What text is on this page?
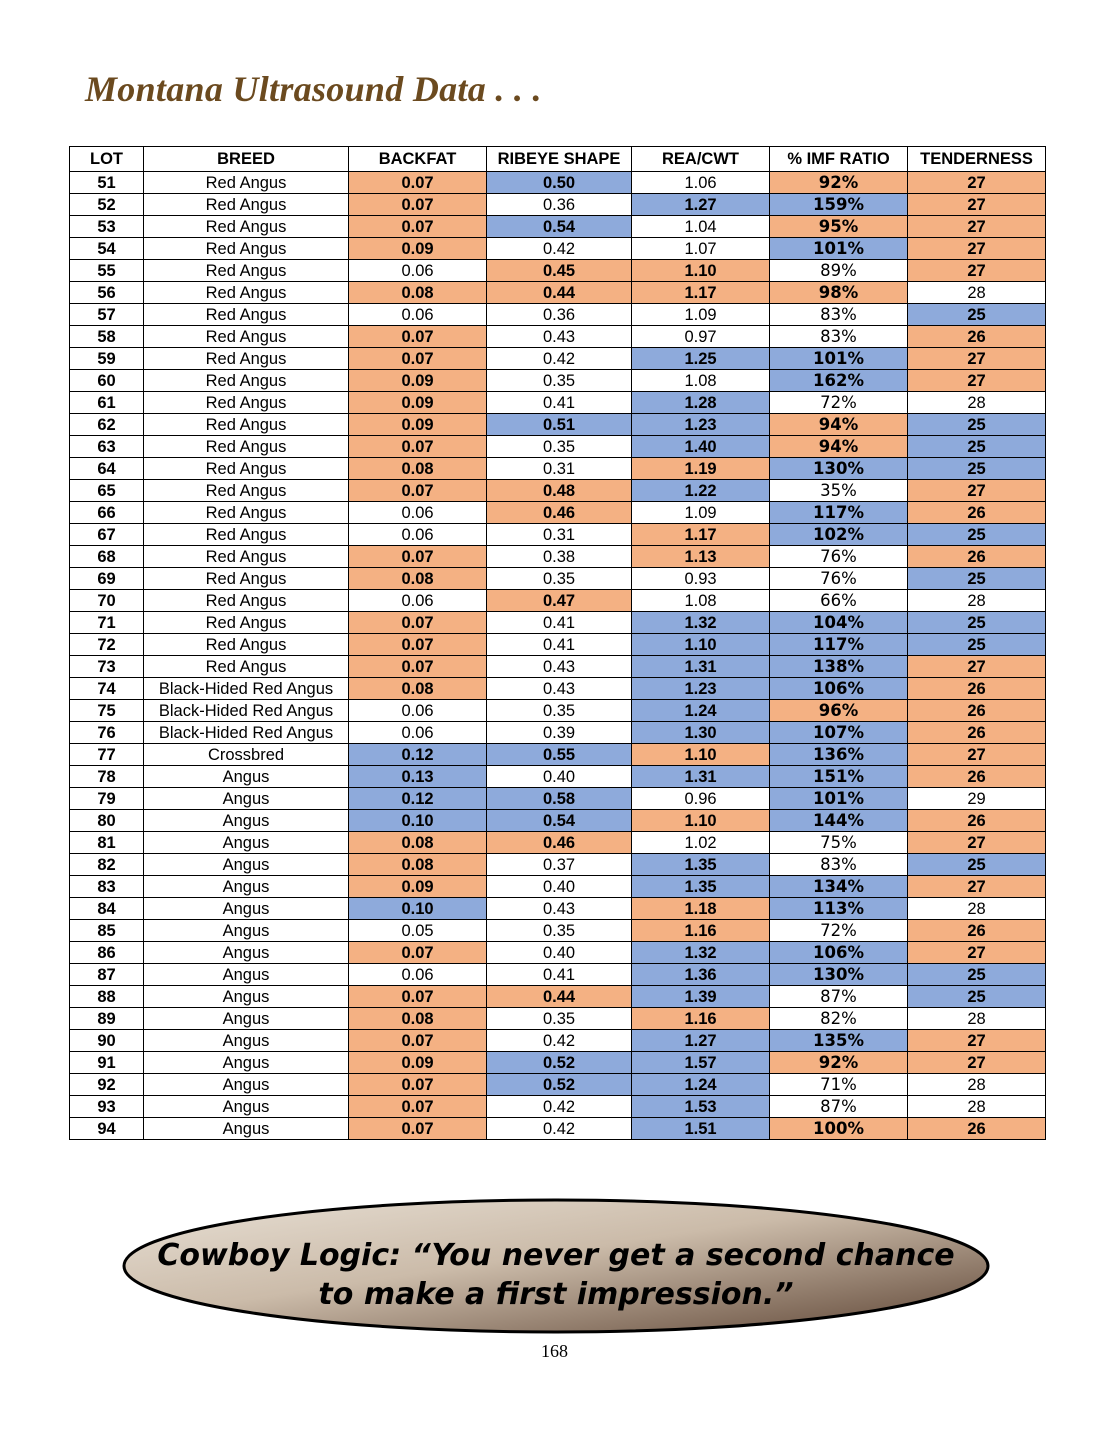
Montana Ultrasound Data . . .
LOT	BREED	BACKFAT	RIBEYE SHAPE	REA/CWT	% IMF RATIO	TENDERNESS
51	Red Angus	0.07	0.50	1.06	92%	27
52	Red Angus	0.07	0.36	1.27	159%	27
53	Red Angus	0.07	0.54	1.04	95%	27
54	Red Angus	0.09	0.42	1.07	101%	27
55	Red Angus	0.06	0.45	1.10	89%	27
56	Red Angus	0.08	0.44	1.17	98%	28
57	Red Angus	0.06	0.36	1.09	83%	25
58	Red Angus	0.07	0.43	0.97	83%	26
59	Red Angus	0.07	0.42	1.25	101%	27
60	Red Angus	0.09	0.35	1.08	162%	27
61	Red Angus	0.09	0.41	1.28	72%	28
62	Red Angus	0.09	0.51	1.23	94%	25
63	Red Angus	0.07	0.35	1.40	94%	25
64	Red Angus	0.08	0.31	1.19	130%	25
65	Red Angus	0.07	0.48	1.22	35%	27
66	Red Angus	0.06	0.46	1.09	117%	26
67	Red Angus	0.06	0.31	1.17	102%	25
68	Red Angus	0.07	0.38	1.13	76%	26
69	Red Angus	0.08	0.35	0.93	76%	25
70	Red Angus	0.06	0.47	1.08	66%	28
71	Red Angus	0.07	0.41	1.32	104%	25
72	Red Angus	0.07	0.41	1.10	117%	25
73	Red Angus	0.07	0.43	1.31	138%	27
74	Black-Hided Red Angus	0.08	0.43	1.23	106%	26
75	Black-Hided Red Angus	0.06	0.35	1.24	96%	26
76	Black-Hided Red Angus	0.06	0.39	1.30	107%	26
77	Crossbred	0.12	0.55	1.10	136%	27
78	Angus	0.13	0.40	1.31	151%	26
79	Angus	0.12	0.58	0.96	101%	29
80	Angus	0.10	0.54	1.10	144%	26
81	Angus	0.08	0.46	1.02	75%	27
82	Angus	0.08	0.37	1.35	83%	25
83	Angus	0.09	0.40	1.35	134%	27
84	Angus	0.10	0.43	1.18	113%	28
85	Angus	0.05	0.35	1.16	72%	26
86	Angus	0.07	0.40	1.32	106%	27
87	Angus	0.06	0.41	1.36	130%	25
88	Angus	0.07	0.44	1.39	87%	25
89	Angus	0.08	0.35	1.16	82%	28
90	Angus	0.07	0.42	1.27	135%	27
91	Angus	0.09	0.52	1.57	92%	27
92	Angus	0.07	0.52	1.24	71%	28
93	Angus	0.07	0.42	1.53	87%	28
94	Angus	0.07	0.42	1.51	100%	26
Cowboy Logic: “You never get a second chance
to make a first impression.”
168
